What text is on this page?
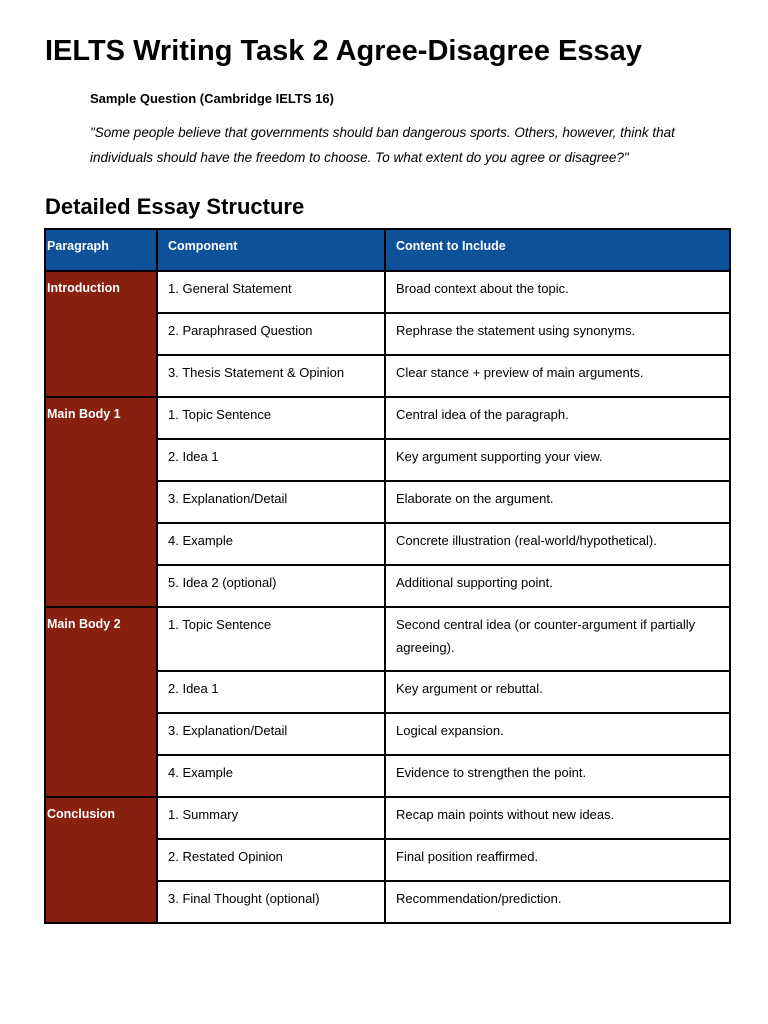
IELTS Writing Task 2 Agree-Disagree Essay
Sample Question (Cambridge IELTS 16)
"Some people believe that governments should ban dangerous sports. Others, however, think that individuals should have the freedom to choose. To what extent do you agree or disagree?"
Detailed Essay Structure
Paragraph	Component	Content to Include

Introduction	1. General Statement	Broad context about the topic.

	2. Paraphrased Question	Rephrase the statement using synonyms.

	3. Thesis Statement & Opinion	Clear stance + preview of main arguments.

Main Body 1	1. Topic Sentence	Central idea of the paragraph.

	2. Idea 1	Key argument supporting your view.

	3. Explanation/Detail	Elaborate on the argument.

	4. Example	Concrete illustration (real-world/hypothetical).

	5. Idea 2 (optional)	Additional supporting point.

Main Body 2	1. Topic Sentence	Second central idea (or counter-argument if partially agreeing).

	2. Idea 1	Key argument or rebuttal.

	3. Explanation/Detail	Logical expansion.

	4. Example	Evidence to strengthen the point.

Conclusion	1. Summary	Recap main points without new ideas.

	2. Restated Opinion	Final position reaffirmed.

	3. Final Thought (optional)	Recommendation/prediction.
